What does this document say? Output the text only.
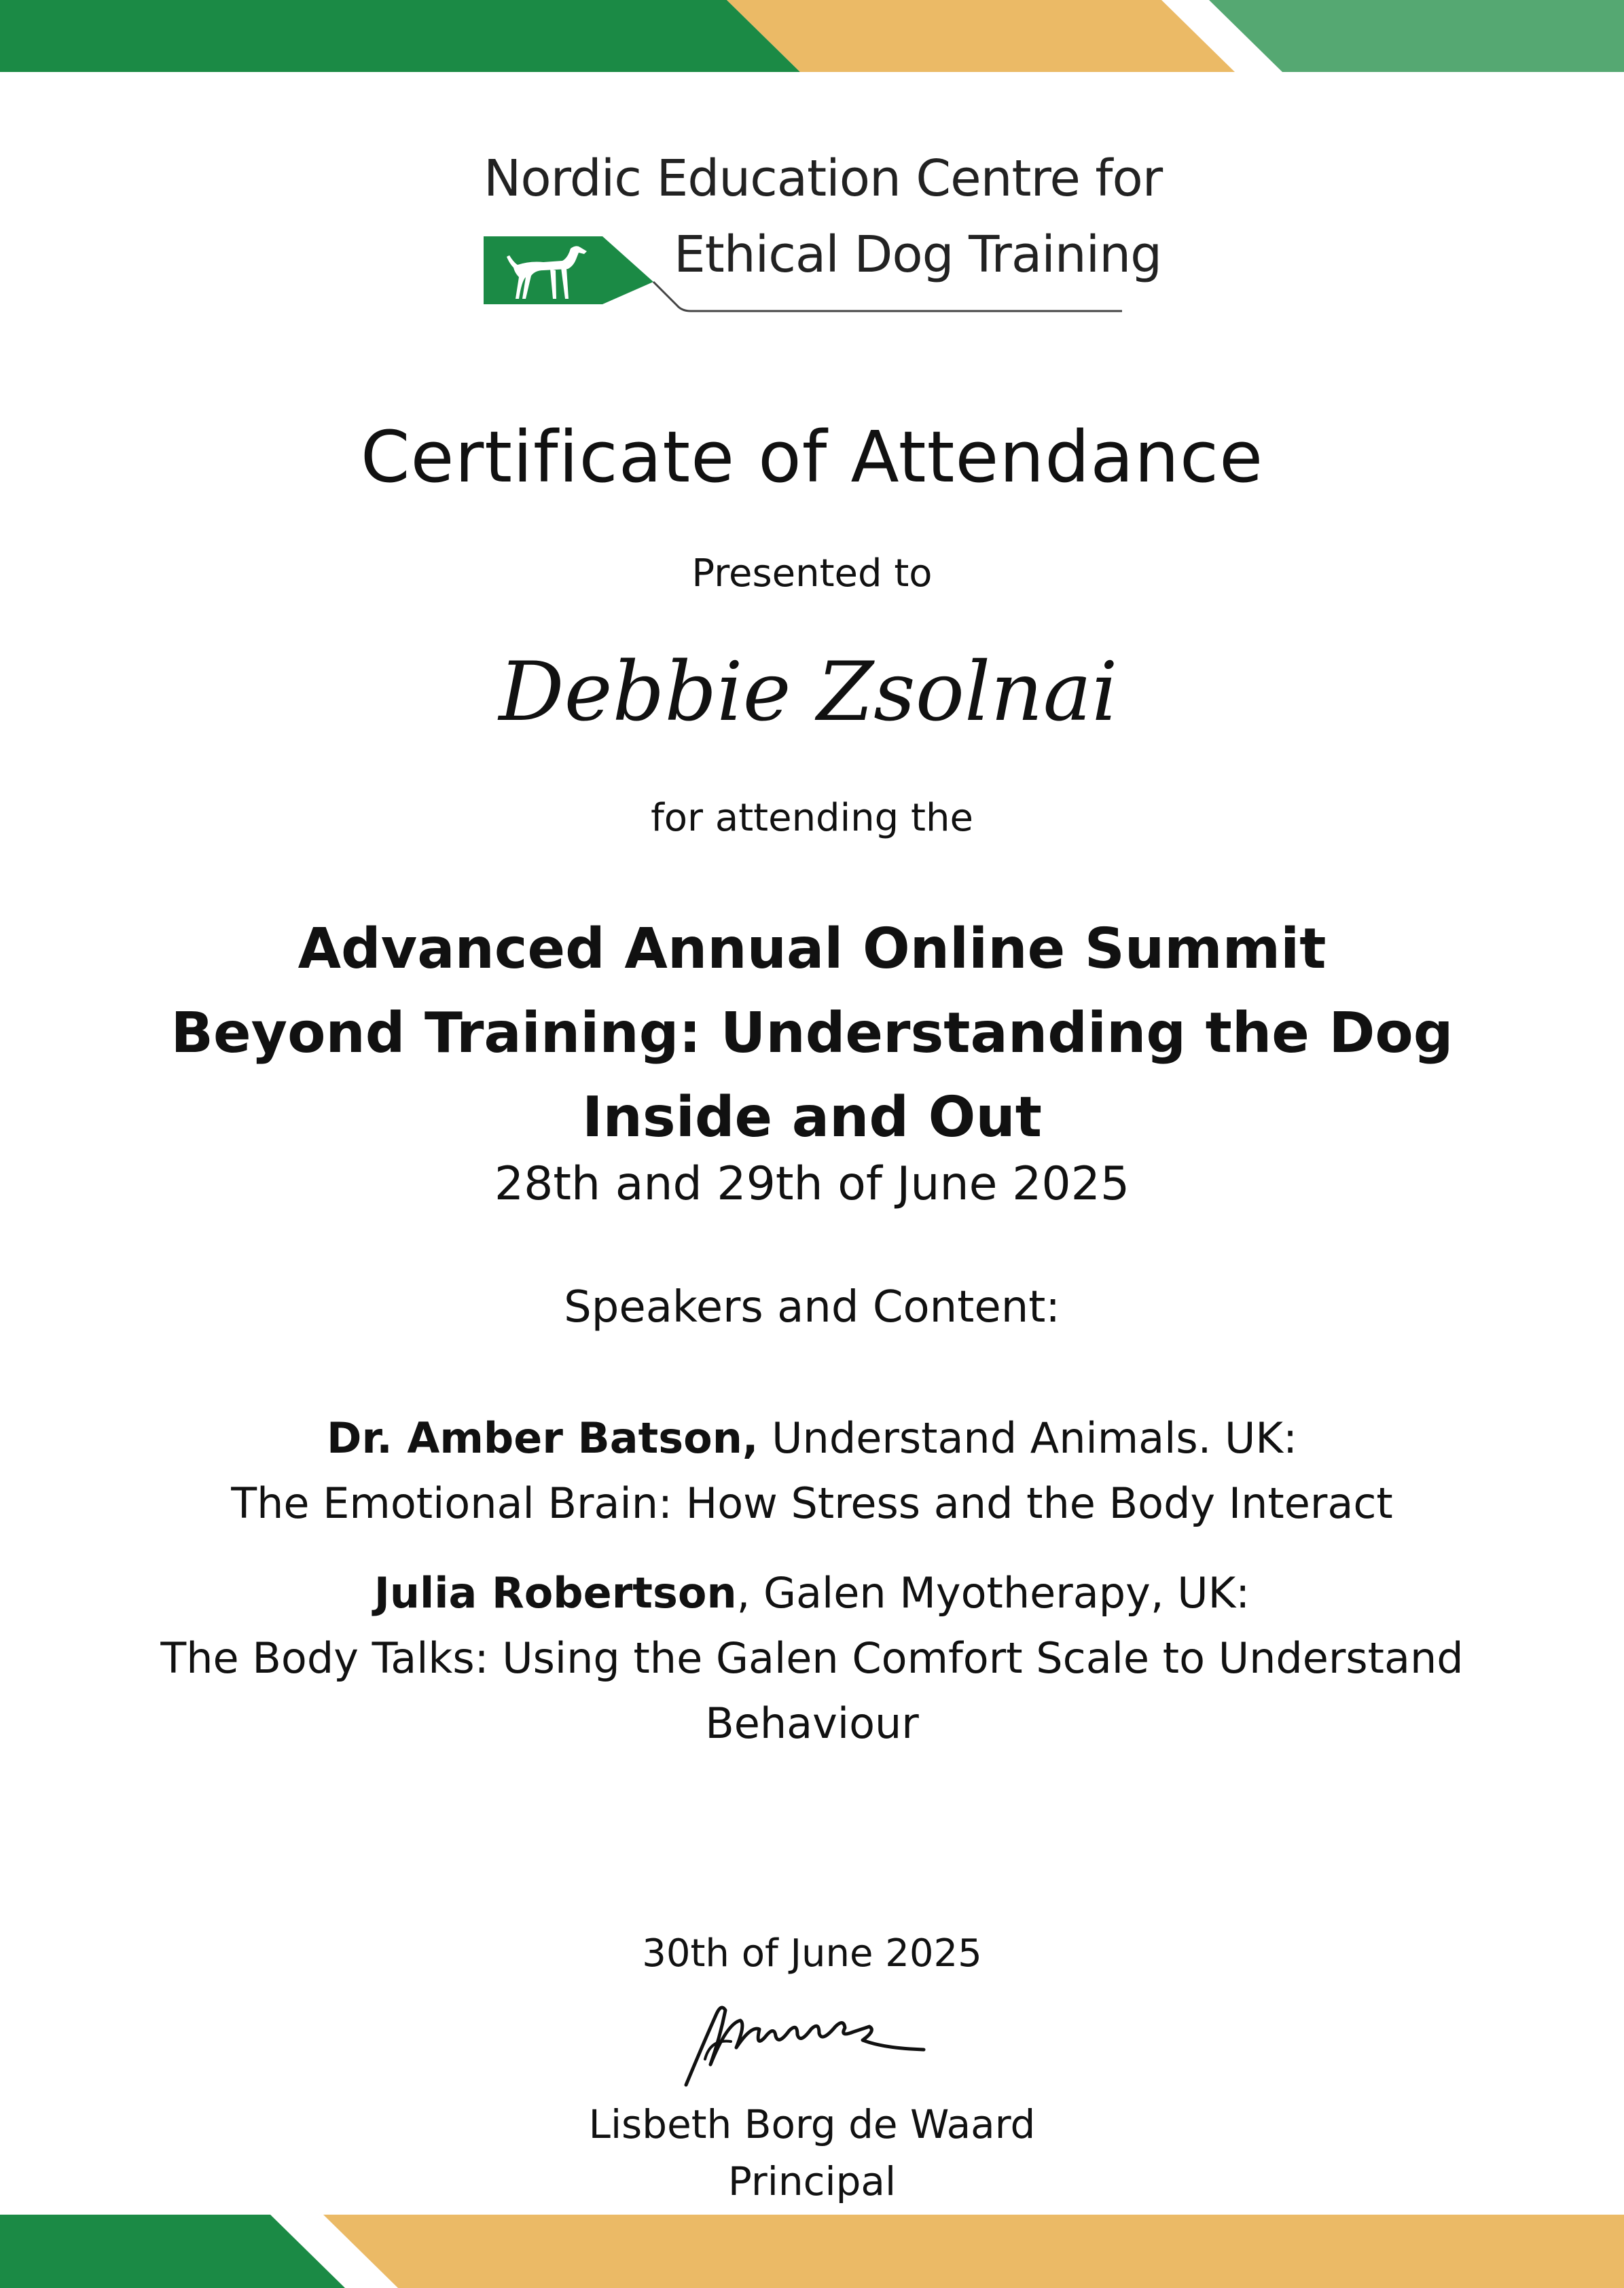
Nordic Education Centre for
Ethical Dog Training
Certificate of Attendance
Presented to
Debbie Zsolnai
for attending the
Advanced Annual Online Summit
Beyond Training: Understanding the Dog
Inside and Out
28th and 29th of June 2025
Speakers and Content:
Dr. Amber Batson, Understand Animals. UK:
The Emotional Brain: How Stress and the Body Interact
Julia Robertson, Galen Myotherapy, UK:
The Body Talks: Using the Galen Comfort Scale to Understand
Behaviour
30th of June 2025
Lisbeth Borg de Waard
Principal
